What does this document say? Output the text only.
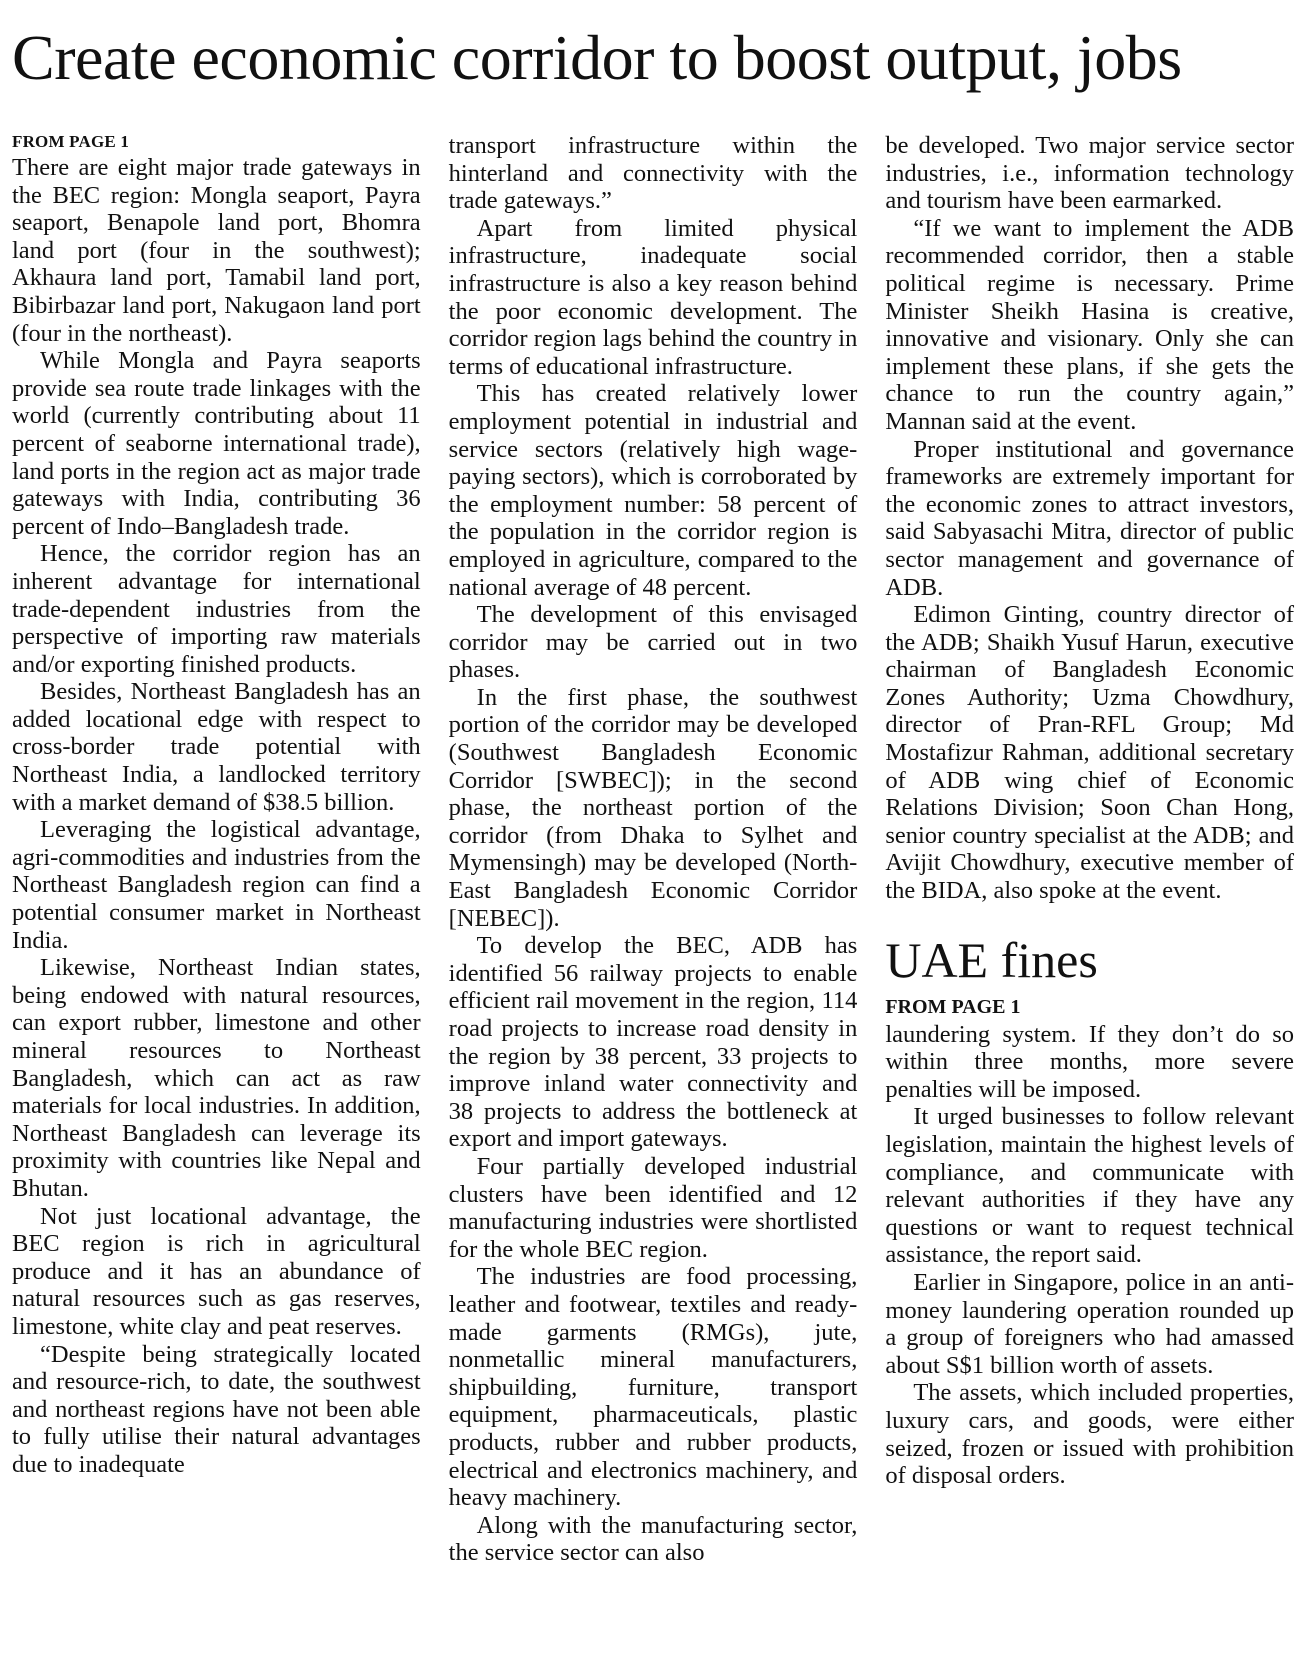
Create economic corridor to boost output, jobs
FROM PAGE 1

There are eight major trade gateways in the BEC region: Mongla seaport, Payra seaport, Benapole land port, Bhomra land port (four in the southwest); Akhaura land port, Tamabil land port, Bibirbazar land port, Nakugaon land port (four in the northeast).

While Mongla and Payra seaports provide sea route trade linkages with the world (currently contributing about 11 percent of seaborne international trade), land ports in the region act as major trade gateways with India, contributing 36 percent of Indo–Bangladesh trade.

Hence, the corridor region has an inherent advantage for international trade-dependent industries from the perspective of importing raw materials and/or exporting finished products.

Besides, Northeast Bangladesh has an added locational edge with respect to cross-border trade potential with Northeast India, a landlocked territory with a market demand of $38.5 billion.

Leveraging the logistical advantage, agri-commodities and industries from the Northeast Bangladesh region can find a potential consumer market in Northeast India.

Likewise, Northeast Indian states, being endowed with natural resources, can export rubber, limestone and other mineral resources to Northeast Bangladesh, which can act as raw materials for local industries. In addition, Northeast Bangladesh can leverage its proximity with countries like Nepal and Bhutan.

Not just locational advantage, the BEC region is rich in agricultural produce and it has an abundance of natural resources such as gas reserves, limestone, white clay and peat reserves.

“Despite being strategically located and resource-rich, to date, the southwest and northeast regions have not been able to fully utilise their natural advantages due to inadequate

transport infrastructure within the hinterland and connectivity with the trade gateways.”

Apart from limited physical infrastructure, inadequate social infrastructure is also a key reason behind the poor economic development. The corridor region lags behind the country in terms of educational infrastructure.

This has created relatively lower employment potential in industrial and service sectors (relatively high wage-paying sectors), which is corroborated by the employment number: 58 percent of the population in the corridor region is employed in agriculture, compared to the national average of 48 percent.

The development of this envisaged corridor may be carried out in two phases.

In the first phase, the southwest portion of the corridor may be developed (Southwest Bangladesh Economic Corridor [SWBEC]); in the second phase, the northeast portion of the corridor (from Dhaka to Sylhet and Mymensingh) may be developed (North-East Bangladesh Economic Corridor [NEBEC]).

To develop the BEC, ADB has identified 56 railway projects to enable efficient rail movement in the region, 114 road projects to increase road density in the region by 38 percent, 33 projects to improve inland water connectivity and 38 projects to address the bottleneck at export and import gateways.

Four partially developed industrial clusters have been identified and 12 manufacturing industries were shortlisted for the whole BEC region.

The industries are food processing, leather and footwear, textiles and ready-made garments (RMGs), jute, nonmetallic mineral manufacturers, shipbuilding, furniture, transport equipment, pharmaceuticals, plastic products, rubber and rubber products, electrical and electronics machinery, and heavy machinery.

Along with the manufacturing sector, the service sector can also

be developed. Two major service sector industries, i.e., information technology and tourism have been earmarked.

“If we want to implement the ADB recommended corridor, then a stable political regime is necessary. Prime Minister Sheikh Hasina is creative, innovative and visionary. Only she can implement these plans, if she gets the chance to run the country again,” Mannan said at the event.

Proper institutional and governance frameworks are extremely important for the economic zones to attract investors, said Sabyasachi Mitra, director of public sector management and governance of ADB.

Edimon Ginting, country director of the ADB; Shaikh Yusuf Harun, executive chairman of Bangladesh Economic Zones Authority; Uzma Chowdhury, director of Pran-RFL Group; Md Mostafizur Rahman, additional secretary of ADB wing chief of Economic Relations Division; Soon Chan Hong, senior country specialist at the ADB; and Avijit Chowdhury, executive member of the BIDA, also spoke at the event.

UAE fines
FROM PAGE 1

laundering system. If they don’t do so within three months, more severe penalties will be imposed.

It urged businesses to follow relevant legislation, maintain the highest levels of compliance, and communicate with relevant authorities if they have any questions or want to request technical assistance, the report said.

Earlier in Singapore, police in an anti-money laundering operation rounded up a group of foreigners who had amassed about S$1 billion worth of assets.

The assets, which included properties, luxury cars, and goods, were either seized, frozen or issued with prohibition of disposal orders.
